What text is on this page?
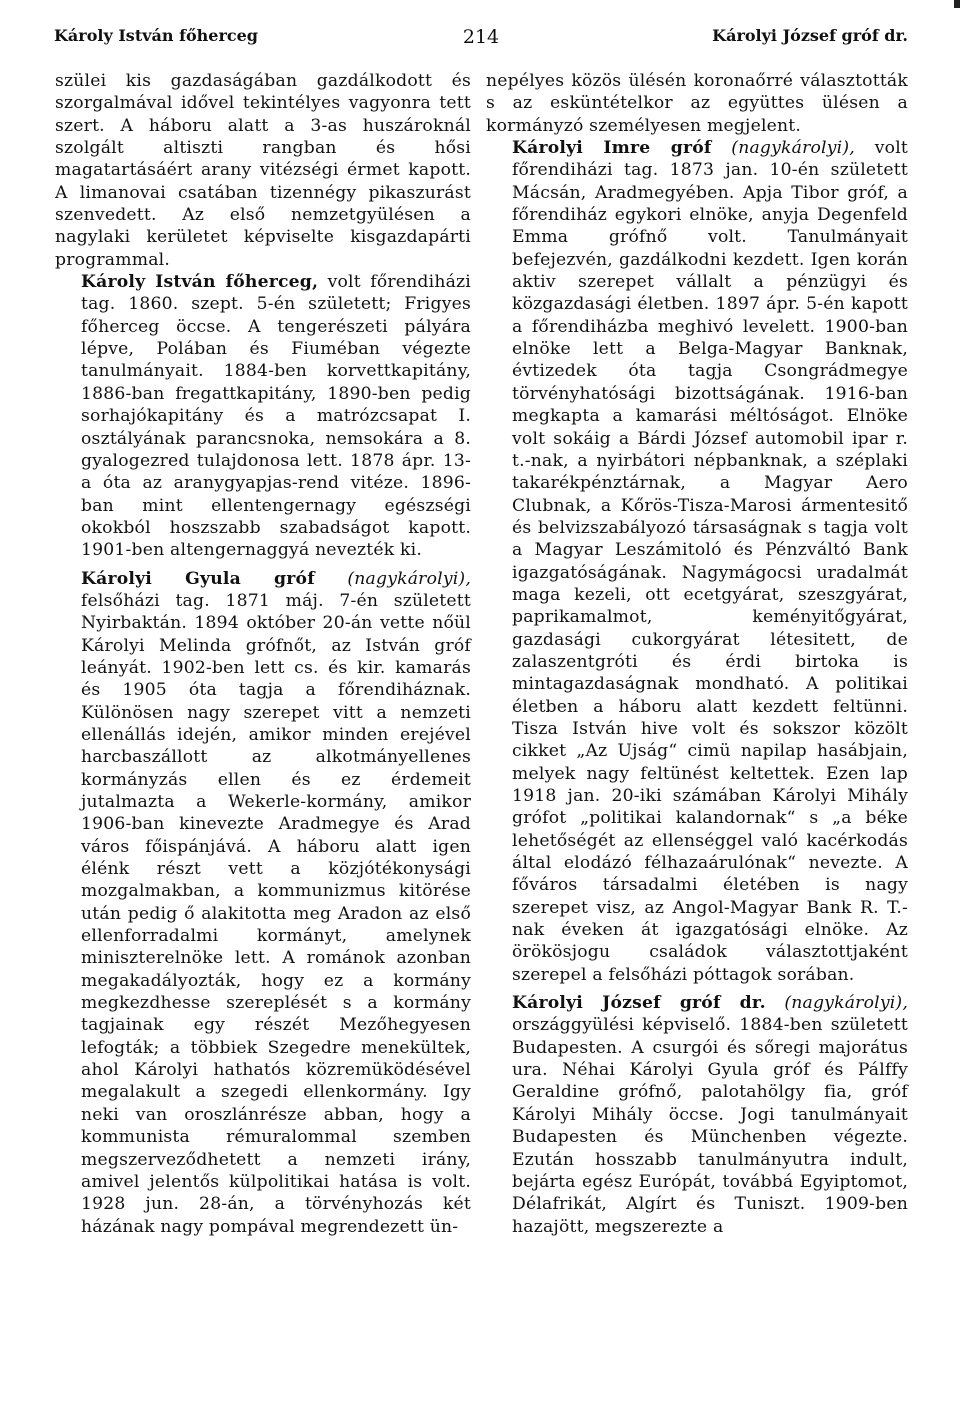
Károly István főherceg	214	Károlyi József gróf dr.

szülei kis gazdaságában gazdálkodott és szorgalmával idővel tekintélyes vagyonra tett szert. A háboru alatt a 3-as huszároknál szolgált altiszti rangban és hősi magatartásáért arany vitézségi érmet kapott. A limanovai csatában tizennégy pikaszurást szenvedett. Az első nemzetgyülésen a nagylaki kerületet képviselte kisgazdapárti programmal.

Károly István főherceg, volt főrendiházi tag. 1860. szept. 5-én született; Frigyes főherceg öccse. A tengerészeti pályára lépve, Polában és Fiuméban végezte tanulmányait. 1884-ben korvettkapitány, 1886-ban fregattkapitány, 1890-ben pedig sorhajókapitány és a matrózcsapat I. osztályának parancsnoka, nemsokára a 8. gyalogezred tulajdonosa lett. 1878 ápr. 13-a óta az aranygyapjas-rend vitéze. 1896-ban mint ellentengernagy egészségi okokból hoszszabb szabadságot kapott. 1901-ben altengernaggyá nevezték ki.

Károlyi Gyula gróf (nagykárolyi), felsőházi tag. 1871 máj. 7-én született Nyirbaktán. 1894 október 20-án vette nőül Károlyi Melinda grófnőt, az István gróf leányát. 1902-ben lett cs. és kir. kamarás és 1905 óta tagja a főrendiháznak. Különösen nagy szerepet vitt a nemzeti ellenállás idején, amikor minden erejével harcbaszállott az alkotmányellenes kormányzás ellen és ez érdemeit jutalmazta a Wekerle-kormány, amikor 1906-ban kinevezte Aradmegye és Arad város főispánjává. A háboru alatt igen élénk részt vett a közjótékonysági mozgalmakban, a kommunizmus kitörése után pedig ő alakitotta meg Aradon az első ellenforradalmi kormányt, amelynek miniszterelnöke lett. A románok azonban megakadályozták, hogy ez a kormány megkezdhesse szereplését s a kormány tagjainak egy részét Mezőhegyesen lefogták; a többiek Szegedre menekültek, ahol Károlyi hathatós közremüködésével megalakult a szegedi ellenkormány. Igy neki van oroszlánrésze abban, hogy a kommunista rémuralommal szemben megszerveződhetett a nemzeti irány, amivel jelentős külpolitikai hatása is volt. 1928 jun. 28-án, a törvényhozás két házának nagy pompával megrendezett ün-

nepélyes közös ülésén koronaőrré választották s az esküntételkor az együttes ülésen a kormányzó személyesen megjelent.

Károlyi Imre gróf (nagykárolyi), volt főrendiházi tag. 1873 jan. 10-én született Mácsán, Aradmegyében. Apja Tibor gróf, a főrendiház egykori elnöke, anyja Degenfeld Emma grófnő volt. Tanulmányait befejezvén, gazdálkodni kezdett. Igen korán aktiv szerepet vállalt a pénzügyi és közgazdasági életben. 1897 ápr. 5-én kapott a főrendiházba meghivó levelett. 1900-ban elnöke lett a Belga-Magyar Banknak, évtizedek óta tagja Csongrádmegye törvényhatósági bizottságának. 1916-ban megkapta a kamarási méltóságot. Elnöke volt sokáig a Bárdi József automobil ipar r. t.-nak, a nyirbátori népbanknak, a széplaki takarékpénztárnak, a Magyar Aero Clubnak, a Kőrös-Tisza-Marosi ármentesitő és belvizszabályozó társaságnak s tagja volt a Magyar Leszámitoló és Pénzváltó Bank igazgatóságának. Nagymágocsi uradalmát maga kezeli, ott ecetgyárat, szeszgyárat, paprikamalmot, keményitőgyárat, gazdasági cukorgyárat létesitett, de zalaszentgróti és érdi birtoka is mintagazdaságnak mondható. A politikai életben a háboru alatt kezdett feltünni. Tisza István hive volt és sokszor közölt cikket „Az Ujság“ cimü napilap hasábjain, melyek nagy feltünést keltettek. Ezen lap 1918 jan. 20-iki számában Károlyi Mihály grófot „politikai kalandornak“ s „a béke lehetőségét az ellenséggel való kacérkodás által elodázó félhazaárulónak“ nevezte. A főváros társadalmi életében is nagy szerepet visz, az Angol-Magyar Bank R. T.-nak éveken át igazgatósági elnöke. Az örökösjogu családok választottjaként szerepel a felsőházi póttagok sorában.

Károlyi József gróf dr. (nagykárolyi), országgyülési képviselő. 1884-ben született Budapesten. A csurgói és sőregi majorátus ura. Néhai Károlyi Gyula gróf és Pálffy Geraldine grófnő, palotahölgy fia, gróf Károlyi Mihály öccse. Jogi tanulmányait Budapesten és Münchenben végezte. Ezután hosszabb tanulmányutra indult, bejárta egész Európát, továbbá Egyiptomot, Délafrikát, Algírt és Tuniszt. 1909-ben hazajött, megszerezte a
